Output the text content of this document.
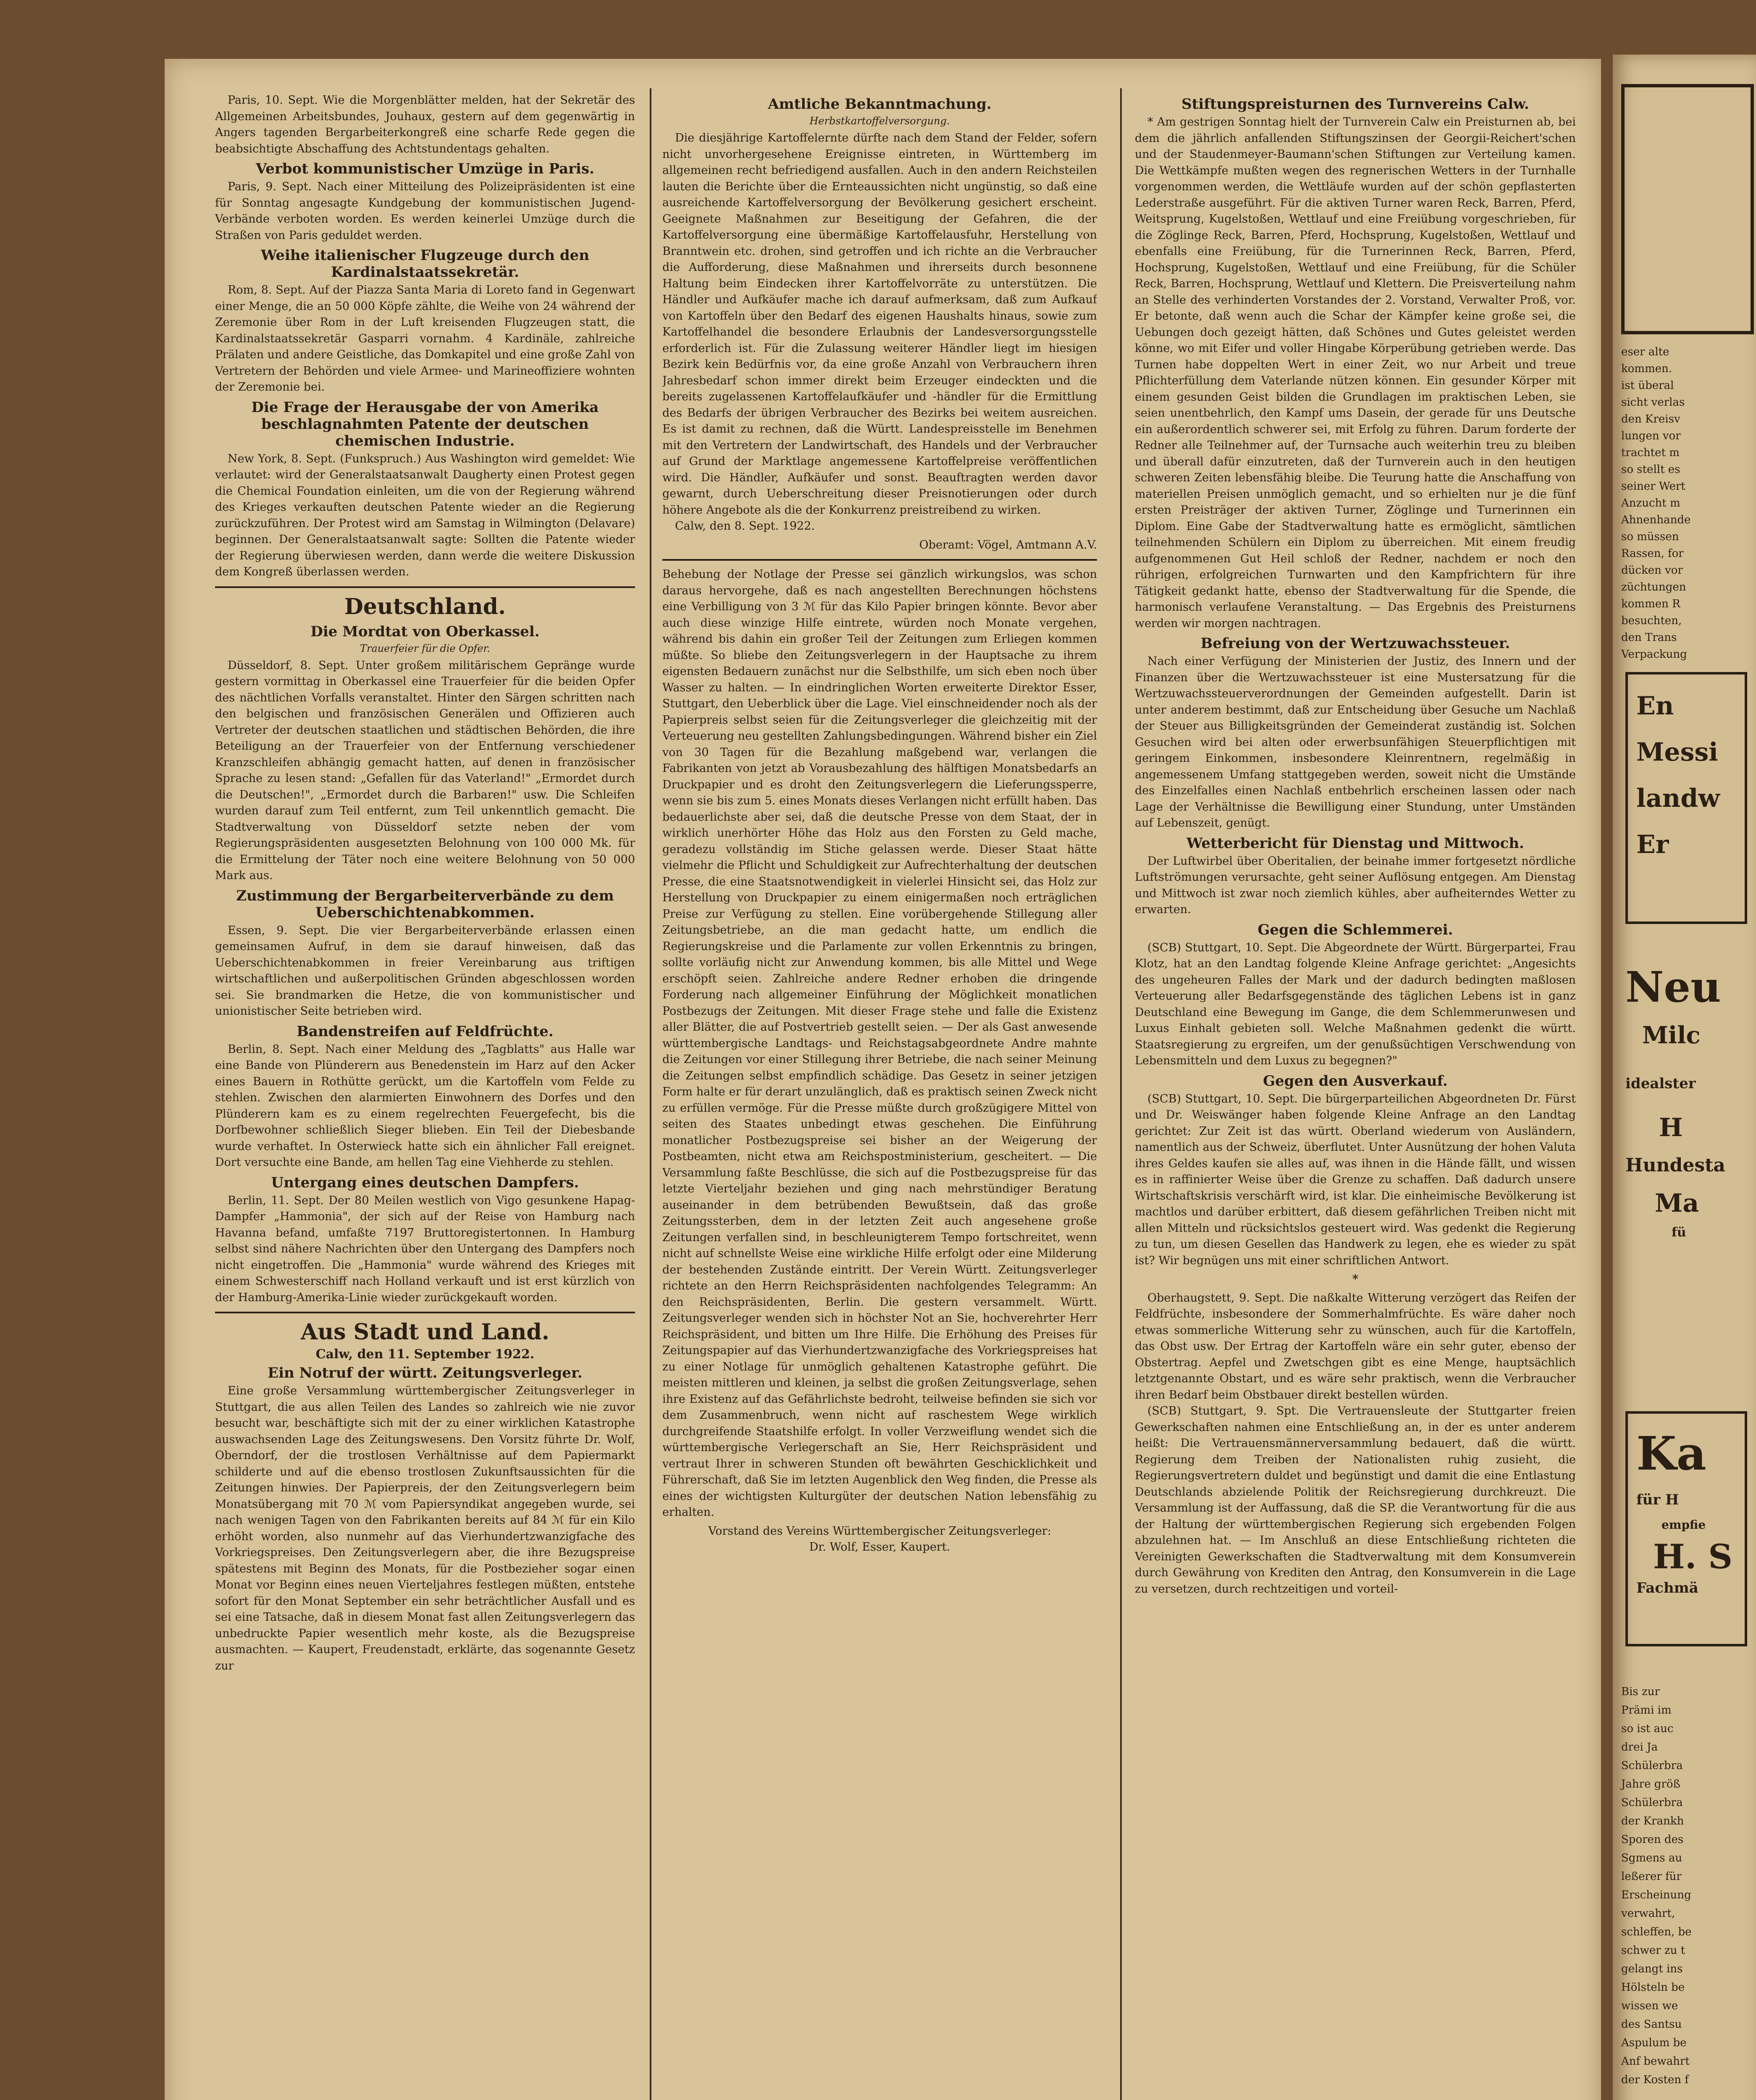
Paris, 10. Sept. Wie die Morgenblätter melden, hat der Sekretär des Allgemeinen Arbeitsbundes, Jouhaux, gestern auf dem gegenwärtig in Angers tagenden Bergarbeiterkongreß eine scharfe Rede gegen die beabsichtigte Abschaffung des Achtstundentags gehalten.

Verbot kommunistischer Umzüge in Paris.

Paris, 9. Sept. Nach einer Mitteilung des Polizeipräsidenten ist eine für Sonntag angesagte Kundgebung der kommunistischen Jugend-Verbände verboten worden. Es werden keinerlei Umzüge durch die Straßen von Paris geduldet werden.

Weihe italienischer Flugzeuge durch den Kardinalstaatssekretär.

Rom, 8. Sept. Auf der Piazza Santa Maria di Loreto fand in Gegenwart einer Menge, die an 50 000 Köpfe zählte, die Weihe von 24 während der Zeremonie über Rom in der Luft kreisenden Flugzeugen statt, die Kardinalstaatssekretär Gasparri vornahm. 4 Kardinäle, zahlreiche Prälaten und andere Geistliche, das Domkapitel und eine große Zahl von Vertretern der Behörden und viele Armee- und Marineoffiziere wohnten der Zeremonie bei.

Die Frage der Herausgabe der von Amerika beschlagnahmten Patente der deutschen chemischen Industrie.

New York, 8. Sept. (Funkspruch.) Aus Washington wird gemeldet: Wie verlautet: wird der Generalstaatsanwalt Daugherty einen Protest gegen die Chemical Foundation einleiten, um die von der Regierung während des Krieges verkauften deutschen Patente wieder an die Regierung zurückzuführen. Der Protest wird am Samstag in Wilmington (Delavare) beginnen. Der Generalstaatsanwalt sagte: Sollten die Patente wieder der Regierung überwiesen werden, dann werde die weitere Diskussion dem Kongreß überlassen werden.

Deutschland.
Die Mordtat von Oberkassel.
Trauerfeier für die Opfer.

Düsseldorf, 8. Sept. Unter großem militärischem Gepränge wurde gestern vormittag in Oberkassel eine Trauerfeier für die beiden Opfer des nächtlichen Vorfalls veranstaltet. Hinter den Särgen schritten nach den belgischen und französischen Generälen und Offizieren auch Vertreter der deutschen staatlichen und städtischen Behörden, die ihre Beteiligung an der Trauerfeier von der Entfernung verschiedener Kranzschleifen abhängig gemacht hatten, auf denen in französischer Sprache zu lesen stand: „Gefallen für das Vaterland!" „Ermordet durch die Deutschen!", „Ermordet durch die Barbaren!" usw. Die Schleifen wurden darauf zum Teil entfernt, zum Teil unkenntlich gemacht. Die Stadtverwaltung von Düsseldorf setzte neben der vom Regierungspräsidenten ausgesetzten Belohnung von 100 000 Mk. für die Ermittelung der Täter noch eine weitere Belohnung von 50 000 Mark aus.

Zustimmung der Bergarbeiterverbände zu dem Ueberschichtenabkommen.

Essen, 9. Sept. Die vier Bergarbeiterverbände erlassen einen gemeinsamen Aufruf, in dem sie darauf hinweisen, daß das Ueberschichtenabkommen in freier Vereinbarung aus triftigen wirtschaftlichen und außerpolitischen Gründen abgeschlossen worden sei. Sie brandmarken die Hetze, die von kommunistischer und unionistischer Seite betrieben wird.

Bandenstreifen auf Feldfrüchte.

Berlin, 8. Sept. Nach einer Meldung des „Tagblatts" aus Halle war eine Bande von Plünderern aus Benedenstein im Harz auf den Acker eines Bauern in Rothütte gerückt, um die Kartoffeln vom Felde zu stehlen. Zwischen den alarmierten Einwohnern des Dorfes und den Plünderern kam es zu einem regelrechten Feuergefecht, bis die Dorfbewohner schließlich Sieger blieben. Ein Teil der Diebesbande wurde verhaftet. In Osterwieck hatte sich ein ähnlicher Fall ereignet. Dort versuchte eine Bande, am hellen Tag eine Viehherde zu stehlen.

Untergang eines deutschen Dampfers.

Berlin, 11. Sept. Der 80 Meilen westlich von Vigo gesunkene Hapag-Dampfer „Hammonia", der sich auf der Reise von Hamburg nach Havanna befand, umfaßte 7197 Bruttoregistertonnen. In Hamburg selbst sind nähere Nachrichten über den Untergang des Dampfers noch nicht eingetroffen. Die „Hammonia" wurde während des Krieges mit einem Schwesterschiff nach Holland verkauft und ist erst kürzlich von der Hamburg-Amerika-Linie wieder zurückgekauft worden.

Aus Stadt und Land.
Calw, den 11. September 1922.
Ein Notruf der württ. Zeitungsverleger.

Eine große Versammlung württembergischer Zeitungsverleger in Stuttgart, die aus allen Teilen des Landes so zahlreich wie nie zuvor besucht war, beschäftigte sich mit der zu einer wirklichen Katastrophe auswachsenden Lage des Zeitungswesens. Den Vorsitz führte Dr. Wolf, Oberndorf, der die trostlosen Verhältnisse auf dem Papiermarkt schilderte und auf die ebenso trostlosen Zukunftsaussichten für die Zeitungen hinwies. Der Papierpreis, der den Zeitungsverlegern beim Monatsübergang mit 70 ℳ vom Papiersyndikat angegeben wurde, sei nach wenigen Tagen von den Fabrikanten bereits auf 84 ℳ für ein Kilo erhöht worden, also nunmehr auf das Vierhundertzwanzigfache des Vorkriegspreises. Den Zeitungsverlegern aber, die ihre Bezugspreise spätestens mit Beginn des Monats, für die Postbezieher sogar einen Monat vor Beginn eines neuen Vierteljahres festlegen müßten, entstehe sofort für den Monat September ein sehr beträchtlicher Ausfall und es sei eine Tatsache, daß in diesem Monat fast allen Zeitungsverlegern das unbedruckte Papier wesentlich mehr koste, als die Bezugspreise ausmachten. — Kaupert, Freudenstadt, erklärte, das sogenannte Gesetz zur

Amtliche Bekanntmachung.
Herbstkartoffelversorgung.

Die diesjährige Kartoffelernte dürfte nach dem Stand der Felder, sofern nicht unvorhergesehene Ereignisse eintreten, in Württemberg im allgemeinen recht befriedigend ausfallen. Auch in den andern Reichsteilen lauten die Berichte über die Ernteaussichten nicht ungünstig, so daß eine ausreichende Kartoffelversorgung der Bevölkerung gesichert erscheint. Geeignete Maßnahmen zur Beseitigung der Gefahren, die der Kartoffelversorgung eine übermäßige Kartoffelausfuhr, Herstellung von Branntwein etc. drohen, sind getroffen und ich richte an die Verbraucher die Aufforderung, diese Maßnahmen und ihrerseits durch besonnene Haltung beim Eindecken ihrer Kartoffelvorräte zu unterstützen. Die Händler und Aufkäufer mache ich darauf aufmerksam, daß zum Aufkauf von Kartoffeln über den Bedarf des eigenen Haushalts hinaus, sowie zum Kartoffelhandel die besondere Erlaubnis der Landesversorgungsstelle erforderlich ist. Für die Zulassung weiterer Händler liegt im hiesigen Bezirk kein Bedürfnis vor, da eine große Anzahl von Verbrauchern ihren Jahresbedarf schon immer direkt beim Erzeuger eindeckten und die bereits zugelassenen Kartoffelaufkäufer und -händler für die Ermittlung des Bedarfs der übrigen Verbraucher des Bezirks bei weitem ausreichen. Es ist damit zu rechnen, daß die Württ. Landespreisstelle im Benehmen mit den Vertretern der Landwirtschaft, des Handels und der Verbraucher auf Grund der Marktlage angemessene Kartoffelpreise veröffentlichen wird. Die Händler, Aufkäufer und sonst. Beauftragten werden davor gewarnt, durch Ueberschreitung dieser Preisnotierungen oder durch höhere Angebote als die der Konkurrenz preistreibend zu wirken.

Calw, den 8. Sept. 1922.

Oberamt: Vögel, Amtmann A.V.

Behebung der Notlage der Presse sei gänzlich wirkungslos, was schon daraus hervorgehe, daß es nach angestellten Berechnungen höchstens eine Verbilligung von 3 ℳ für das Kilo Papier bringen könnte. Bevor aber auch diese winzige Hilfe eintrete, würden noch Monate vergehen, während bis dahin ein großer Teil der Zeitungen zum Erliegen kommen müßte. So bliebe den Zeitungsverlegern in der Hauptsache zu ihrem eigensten Bedauern zunächst nur die Selbsthilfe, um sich eben noch über Wasser zu halten. — In eindringlichen Worten erweiterte Direktor Esser, Stuttgart, den Ueberblick über die Lage. Viel einschneidender noch als der Papierpreis selbst seien für die Zeitungsverleger die gleichzeitig mit der Verteuerung neu gestellten Zahlungsbedingungen. Während bisher ein Ziel von 30 Tagen für die Bezahlung maßgebend war, verlangen die Fabrikanten von jetzt ab Vorausbezahlung des hälftigen Monatsbedarfs an Druckpapier und es droht den Zeitungsverlegern die Lieferungssperre, wenn sie bis zum 5. eines Monats dieses Verlangen nicht erfüllt haben. Das bedauerlichste aber sei, daß die deutsche Presse von dem Staat, der in wirklich unerhörter Höhe das Holz aus den Forsten zu Geld mache, geradezu vollständig im Stiche gelassen werde. Dieser Staat hätte vielmehr die Pflicht und Schuldigkeit zur Aufrechterhaltung der deutschen Presse, die eine Staatsnotwendigkeit in vielerlei Hinsicht sei, das Holz zur Herstellung von Druckpapier zu einem einigermaßen noch erträglichen Preise zur Verfügung zu stellen. Eine vorübergehende Stillegung aller Zeitungsbetriebe, an die man gedacht hatte, um endlich die Regierungskreise und die Parlamente zur vollen Erkenntnis zu bringen, sollte vorläufig nicht zur Anwendung kommen, bis alle Mittel und Wege erschöpft seien. Zahlreiche andere Redner erhoben die dringende Forderung nach allgemeiner Einführung der Möglichkeit monatlichen Postbezugs der Zeitungen. Mit dieser Frage stehe und falle die Existenz aller Blätter, die auf Postvertrieb gestellt seien. — Der als Gast anwesende württembergische Landtags- und Reichstagsabgeordnete Andre mahnte die Zeitungen vor einer Stillegung ihrer Betriebe, die nach seiner Meinung die Zeitungen selbst empfindlich schädige. Das Gesetz in seiner jetzigen Form halte er für derart unzulänglich, daß es praktisch seinen Zweck nicht zu erfüllen vermöge. Für die Presse müßte durch großzügigere Mittel von seiten des Staates unbedingt etwas geschehen. Die Einführung monatlicher Postbezugspreise sei bisher an der Weigerung der Postbeamten, nicht etwa am Reichspostministerium, gescheitert. — Die Versammlung faßte Beschlüsse, die sich auf die Postbezugspreise für das letzte Vierteljahr beziehen und ging nach mehrstündiger Beratung auseinander in dem betrübenden Bewußtsein, daß das große Zeitungssterben, dem in der letzten Zeit auch angesehene große Zeitungen verfallen sind, in beschleunigterem Tempo fortschreitet, wenn nicht auf schnellste Weise eine wirkliche Hilfe erfolgt oder eine Milderung der bestehenden Zustände eintritt. Der Verein Württ. Zeitungsverleger richtete an den Herrn Reichspräsidenten nachfolgendes Telegramm: An den Reichspräsidenten, Berlin. Die gestern versammelt. Württ. Zeitungsverleger wenden sich in höchster Not an Sie, hochverehrter Herr Reichspräsident, und bitten um Ihre Hilfe. Die Erhöhung des Preises für Zeitungspapier auf das Vierhundertzwanzigfache des Vorkriegspreises hat zu einer Notlage für unmöglich gehaltenen Katastrophe geführt. Die meisten mittleren und kleinen, ja selbst die großen Zeitungsverlage, sehen ihre Existenz auf das Gefährlichste bedroht, teilweise befinden sie sich vor dem Zusammenbruch, wenn nicht auf raschestem Wege wirklich durchgreifende Staatshilfe erfolgt. In voller Verzweiflung wendet sich die württembergische Verlegerschaft an Sie, Herr Reichspräsident und vertraut Ihrer in schweren Stunden oft bewährten Geschicklichkeit und Führerschaft, daß Sie im letzten Augenblick den Weg finden, die Presse als eines der wichtigsten Kulturgüter der deutschen Nation lebensfähig zu erhalten.

Vorstand des Vereins Württembergischer Zeitungsverleger:
Dr. Wolf, Esser, Kaupert.
Stiftungspreisturnen des Turnvereins Calw.

* Am gestrigen Sonntag hielt der Turnverein Calw ein Preisturnen ab, bei dem die jährlich anfallenden Stiftungszinsen der Georgii-Reichert'schen und der Staudenmeyer-Baumann'schen Stiftungen zur Verteilung kamen. Die Wettkämpfe mußten wegen des regnerischen Wetters in der Turnhalle vorgenommen werden, die Wettläufe wurden auf der schön gepflasterten Lederstraße ausgeführt. Für die aktiven Turner waren Reck, Barren, Pferd, Weitsprung, Kugelstoßen, Wettlauf und eine Freiübung vorgeschrieben, für die Zöglinge Reck, Barren, Pferd, Hochsprung, Kugelstoßen, Wettlauf und ebenfalls eine Freiübung, für die Turnerinnen Reck, Barren, Pferd, Hochsprung, Kugelstoßen, Wettlauf und eine Freiübung, für die Schüler Reck, Barren, Hochsprung, Wettlauf und Klettern. Die Preisverteilung nahm an Stelle des verhinderten Vorstandes der 2. Vorstand, Verwalter Proß, vor. Er betonte, daß wenn auch die Schar der Kämpfer keine große sei, die Uebungen doch gezeigt hätten, daß Schönes und Gutes geleistet werden könne, wo mit Eifer und voller Hingabe Körperübung getrieben werde. Das Turnen habe doppelten Wert in einer Zeit, wo nur Arbeit und treue Pflichterfüllung dem Vaterlande nützen können. Ein gesunder Körper mit einem gesunden Geist bilden die Grundlagen im praktischen Leben, sie seien unentbehrlich, den Kampf ums Dasein, der gerade für uns Deutsche ein außerordentlich schwerer sei, mit Erfolg zu führen. Darum forderte der Redner alle Teilnehmer auf, der Turnsache auch weiterhin treu zu bleiben und überall dafür einzutreten, daß der Turnverein auch in den heutigen schweren Zeiten lebensfähig bleibe. Die Teurung hatte die Anschaffung von materiellen Preisen unmöglich gemacht, und so erhielten nur je die fünf ersten Preisträger der aktiven Turner, Zöglinge und Turnerinnen ein Diplom. Eine Gabe der Stadtverwaltung hatte es ermöglicht, sämtlichen teilnehmenden Schülern ein Diplom zu überreichen. Mit einem freudig aufgenommenen Gut Heil schloß der Redner, nachdem er noch den rührigen, erfolgreichen Turnwarten und den Kampfrichtern für ihre Tätigkeit gedankt hatte, ebenso der Stadtverwaltung für die Spende, die harmonisch verlaufene Veranstaltung. — Das Ergebnis des Preisturnens werden wir morgen nachtragen.

Befreiung von der Wertzuwachssteuer.

Nach einer Verfügung der Ministerien der Justiz, des Innern und der Finanzen über die Wertzuwachssteuer ist eine Mustersatzung für die Wertzuwachssteuerverordnungen der Gemeinden aufgestellt. Darin ist unter anderem bestimmt, daß zur Entscheidung über Gesuche um Nachlaß der Steuer aus Billigkeitsgründen der Gemeinderat zuständig ist. Solchen Gesuchen wird bei alten oder erwerbsunfähigen Steuerpflichtigen mit geringem Einkommen, insbesondere Kleinrentnern, regelmäßig in angemessenem Umfang stattgegeben werden, soweit nicht die Umstände des Einzelfalles einen Nachlaß entbehrlich erscheinen lassen oder nach Lage der Verhältnisse die Bewilligung einer Stundung, unter Umständen auf Lebenszeit, genügt.

Wetterbericht für Dienstag und Mittwoch.

Der Luftwirbel über Oberitalien, der beinahe immer fortgesetzt nördliche Luftströmungen verursachte, geht seiner Auflösung entgegen. Am Dienstag und Mittwoch ist zwar noch ziemlich kühles, aber aufheiterndes Wetter zu erwarten.

Gegen die Schlemmerei.

(SCB) Stuttgart, 10. Sept. Die Abgeordnete der Württ. Bürgerpartei, Frau Klotz, hat an den Landtag folgende Kleine Anfrage gerichtet: „Angesichts des ungeheuren Falles der Mark und der dadurch bedingten maßlosen Verteuerung aller Bedarfsgegenstände des täglichen Lebens ist in ganz Deutschland eine Bewegung im Gange, die dem Schlemmerunwesen und Luxus Einhalt gebieten soll. Welche Maßnahmen gedenkt die württ. Staatsregierung zu ergreifen, um der genußsüchtigen Verschwendung von Lebensmitteln und dem Luxus zu begegnen?"

Gegen den Ausverkauf.

(SCB) Stuttgart, 10. Sept. Die bürgerparteilichen Abgeordneten Dr. Fürst und Dr. Weiswänger haben folgende Kleine Anfrage an den Landtag gerichtet: Zur Zeit ist das württ. Oberland wiederum von Ausländern, namentlich aus der Schweiz, überflutet. Unter Ausnützung der hohen Valuta ihres Geldes kaufen sie alles auf, was ihnen in die Hände fällt, und wissen es in raffinierter Weise über die Grenze zu schaffen. Daß dadurch unsere Wirtschaftskrisis verschärft wird, ist klar. Die einheimische Bevölkerung ist machtlos und darüber erbittert, daß diesem gefährlichen Treiben nicht mit allen Mitteln und rücksichtslos gesteuert wird. Was gedenkt die Regierung zu tun, um diesen Gesellen das Handwerk zu legen, ehe es wieder zu spät ist? Wir begnügen uns mit einer schriftlichen Antwort.

*

Oberhaugstett, 9. Sept. Die naßkalte Witterung verzögert das Reifen der Feldfrüchte, insbesondere der Sommerhalmfrüchte. Es wäre daher noch etwas sommerliche Witterung sehr zu wünschen, auch für die Kartoffeln, das Obst usw. Der Ertrag der Kartoffeln wäre ein sehr guter, ebenso der Obstertrag. Aepfel und Zwetschgen gibt es eine Menge, hauptsächlich letztgenannte Obstart, und es wäre sehr praktisch, wenn die Verbraucher ihren Bedarf beim Obstbauer direkt bestellen würden.

(SCB) Stuttgart, 9. Spt. Die Vertrauensleute der Stuttgarter freien Gewerkschaften nahmen eine Entschließung an, in der es unter anderem heißt: Die Vertrauensmännerversammlung bedauert, daß die württ. Regierung dem Treiben der Nationalisten ruhig zusieht, die Regierungsvertretern duldet und begünstigt und damit die eine Entlastung Deutschlands abzielende Politik der Reichsregierung durchkreuzt. Die Versammlung ist der Auffassung, daß die SP. die Verantwortung für die aus der Haltung der württembergischen Regierung sich ergebenden Folgen abzulehnen hat. — Im Anschluß an diese Entschließung richteten die Vereinigten Gewerkschaften die Stadtverwaltung mit dem Konsumverein durch Gewährung von Krediten den Antrag, den Konsumverein in die Lage zu versetzen, durch rechtzeitigen und vorteil-

En
Messi
landw
Er
Neu
Milc
idealster
H
Hundesta
Ma
fü
Ka
für H
empfie
H. S
Fachmä
eser alte
kommen.
ist überal
sicht verlas
den Kreisv
lungen vor
trachtet m
so stellt es
seiner Wert
Anzucht m
Ahnenhande
so müssen
Rassen, for
dücken vor
züchtungen
kommen R
besuchten,
den Trans
Verpackung
Bis zur
Prämi im
so ist auc
drei Ja
Schülerbra
Jahre größ
Schülerbra
der Krankh
Sporen des
Sgmens au
leßerer für
Erscheinung
verwahrt,
schleffen, be
schwer zu t
gelangt ins
Hölsteln be
wissen we
des Santsu
Aspulum be
Anf bewahrt
der Kosten f
